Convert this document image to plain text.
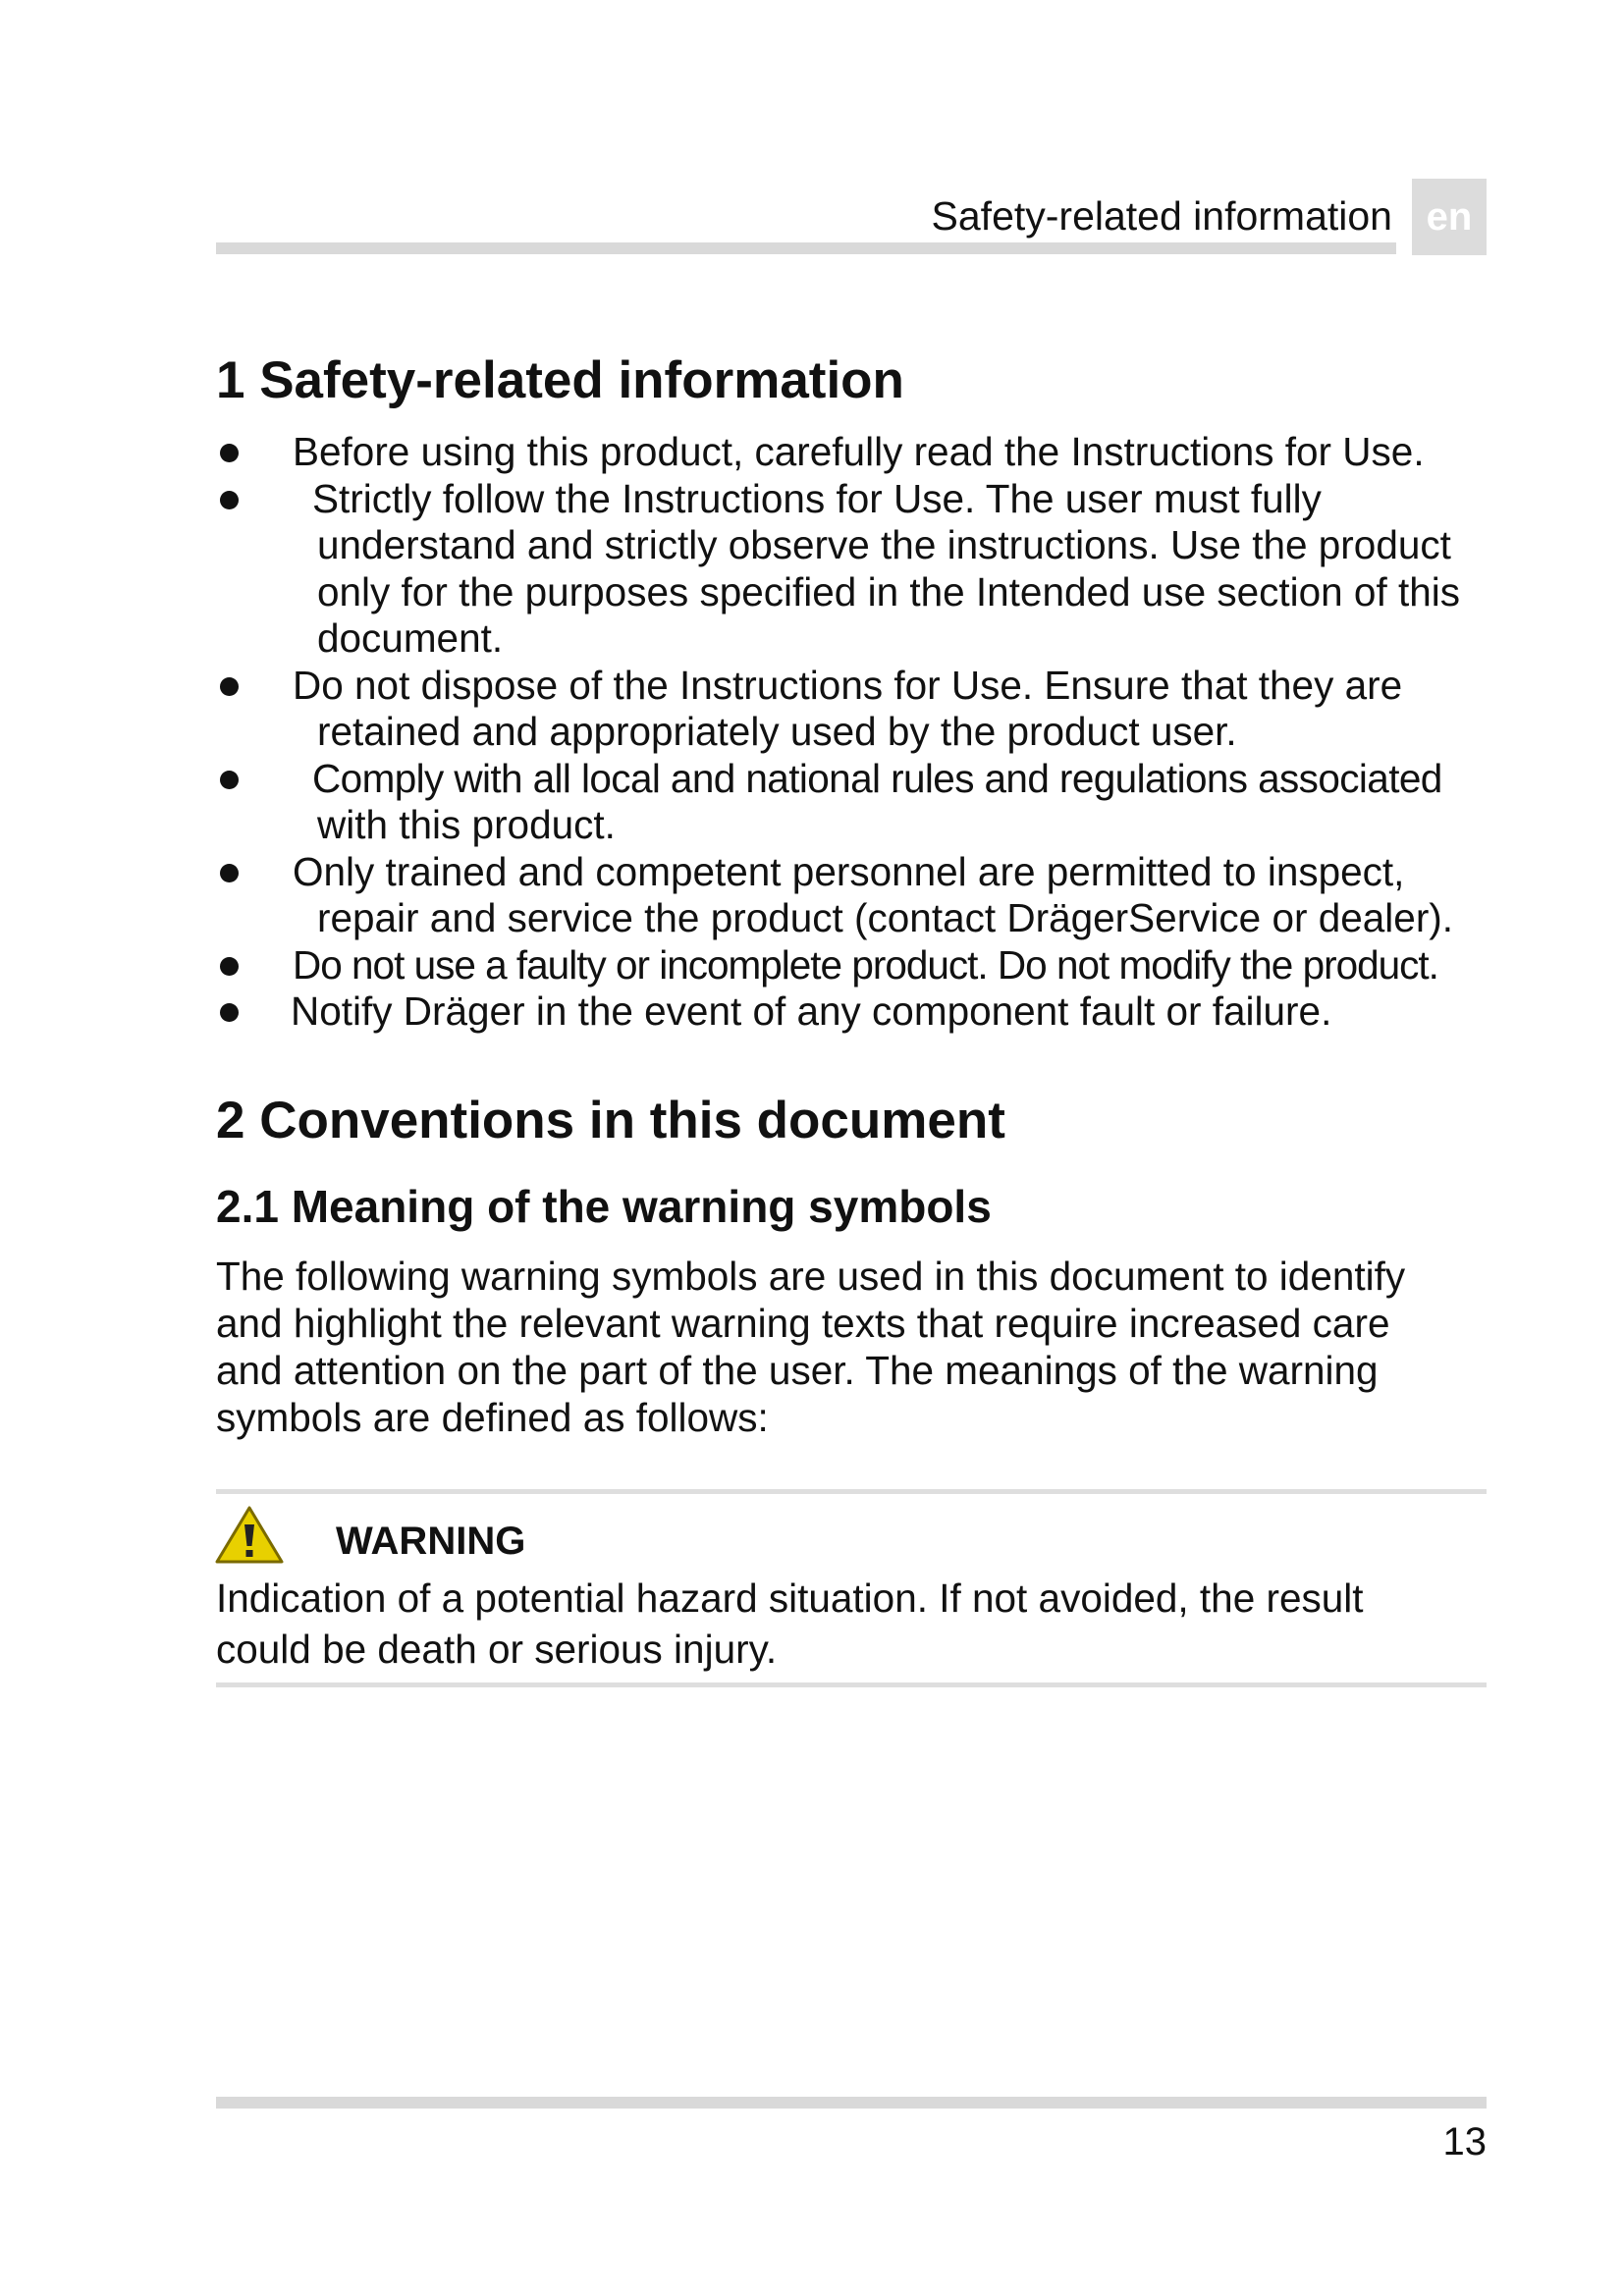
Safety-related information en
1 Safety-related information
Before using this product, carefully read the Instructions for Use.
Strictly follow the Instructions for Use. The user must fully
understand and strictly observe the instructions. Use the product
only for the purposes specified in the Intended use section of this
document.
Do not dispose of the Instructions for Use. Ensure that they are
retained and appropriately used by the product user.
Comply with all local and national rules and regulations associated
with this product.
Only trained and competent personnel are permitted to inspect,
repair and service the product (contact DrägerService or dealer).
Do not use a faulty or incomplete product. Do not modify the product.
Notify Dräger in the event of any component fault or failure.
2 Conventions in this document
2.1 Meaning of the warning symbols

The following warning symbols are used in this document to identify
and highlight the relevant warning texts that require increased care
and attention on the part of the user. The meanings of the warning
symbols are defined as follows:

WARNING

Indication of a potential hazard situation. If not avoided, the result
could be death or serious injury.

13
